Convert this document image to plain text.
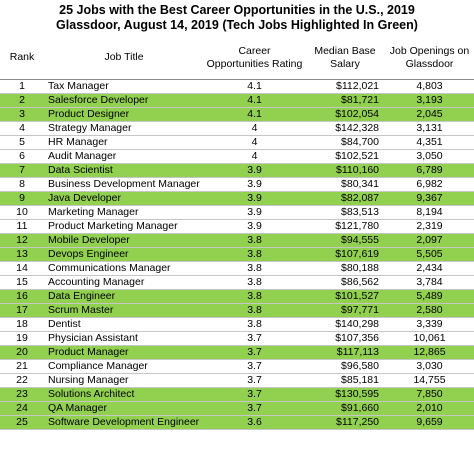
25 Jobs with the Best Career Opportunities in the U.S., 2019
Glassdoor, August 14, 2019 (Tech Jobs Highlighted In Green)
Rank	Job Title	Career Opportunities Rating	Median Base Salary	Job Openings on Glassdoor
1	Tax Manager	4.1	$112,021	4,803
2	Salesforce Developer	4.1	$81,721	3,193
3	Product Designer	4.1	$102,054	2,045
4	Strategy Manager	4	$142,328	3,131
5	HR Manager	4	$84,700	4,351
6	Audit Manager	4	$102,521	3,050
7	Data Scientist	3.9	$110,160	6,789
8	Business Development Manager	3.9	$80,341	6,982
9	Java Developer	3.9	$82,087	9,367
10	Marketing Manager	3.9	$83,513	8,194
11	Product Marketing Manager	3.9	$121,780	2,319
12	Mobile Developer	3.8	$94,555	2,097
13	Devops Engineer	3.8	$107,619	5,505
14	Communications Manager	3.8	$80,188	2,434
15	Accounting Manager	3.8	$86,562	3,784
16	Data Engineer	3.8	$101,527	5,489
17	Scrum Master	3.8	$97,771	2,580
18	Dentist	3.8	$140,298	3,339
19	Physician Assistant	3.7	$107,356	10,061
20	Product Manager	3.7	$117,113	12,865
21	Compliance Manager	3.7	$96,580	3,030
22	Nursing Manager	3.7	$85,181	14,755
23	Solutions Architect	3.7	$130,595	7,850
24	QA Manager	3.7	$91,660	2,010
25	Software Development Engineer	3.6	$117,250	9,659
